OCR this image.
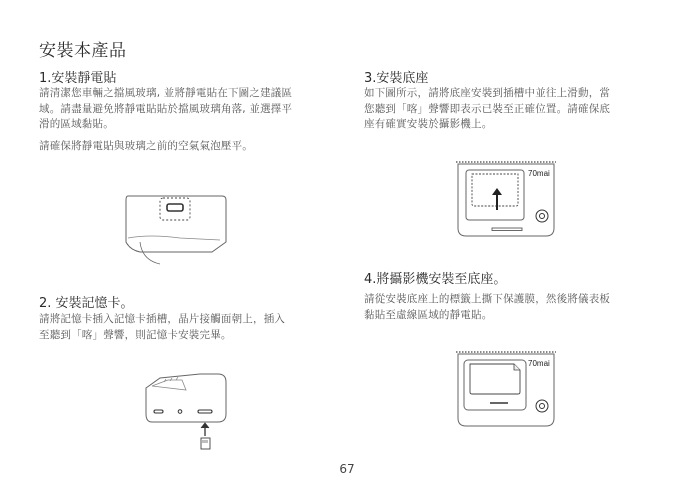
安裝本產品
1.安裝靜電貼
請清潔您車輛之擋風玻璃, 並將靜電貼在下圖之建議區
域。請盡量避免將靜電貼貼於擋風玻璃角落, 並選擇平
滑的區域黏貼。
請確保將靜電貼與玻璃之前的空氣氣泡壓平。
2. 安裝記憶卡。
請將記憶卡插入記憶卡插槽，晶片接觸面朝上，插入
至聽到「喀」聲響，則記憶卡安裝完畢。
3.安裝底座
如下圖所示，請將底座安裝到插槽中並往上滑動，當
您聽到「喀」聲響即表示已裝至正確位置。請確保底
座有確實安裝於攝影機上。
70mai
4.將攝影機安裝至底座。
請從安裝底座上的標籤上撕下保護膜，然後將儀表板
黏貼至虛線區域的靜電貼。
70mai
67
